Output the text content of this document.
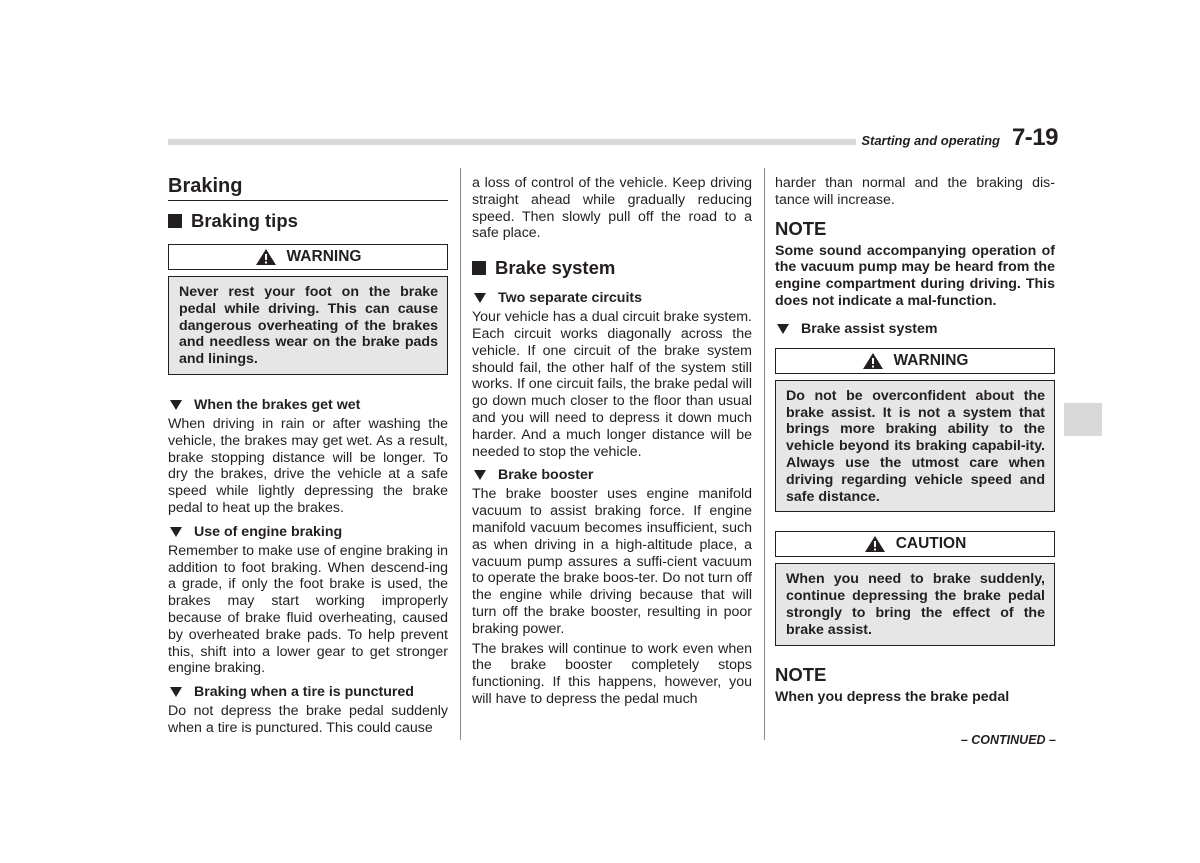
Starting and operating 7-19
Braking
Braking tips
WARNING

Never rest your foot on the brake pedal while driving. This can cause dangerous overheating of the brakes and needless wear on the brake pads and linings.

When the brakes get wet

When driving in rain or after washing the vehicle, the brakes may get wet. As a result, brake stopping distance will be longer. To dry the brakes, drive the vehicle at a safe speed while lightly depressing the brake pedal to heat up the brakes.

Use of engine braking

Remember to make use of engine braking in addition to foot braking. When descend-ing a grade, if only the foot brake is used, the brakes may start working improperly because of brake fluid overheating, caused by overheated brake pads. To help prevent this, shift into a lower gear to get stronger engine braking.

Braking when a tire is punctured

Do not depress the brake pedal suddenly when a tire is punctured. This could cause

a loss of control of the vehicle. Keep driving straight ahead while gradually reducing speed. Then slowly pull off the road to a safe place.

Brake system
Two separate circuits

Your vehicle has a dual circuit brake system. Each circuit works diagonally across the vehicle. If one circuit of the brake system should fail, the other half of the system still works. If one circuit fails, the brake pedal will go down much closer to the floor than usual and you will need to depress it down much harder. And a much longer distance will be needed to stop the vehicle.

Brake booster

The brake booster uses engine manifold vacuum to assist braking force. If engine manifold vacuum becomes insufficient, such as when driving in a high-altitude place, a vacuum pump assures a suffi-cient vacuum to operate the brake boos-ter. Do not turn off the engine while driving because that will turn off the brake booster, resulting in poor braking power.

The brakes will continue to work even when the brake booster completely stops functioning. If this happens, however, you will have to depress the pedal much

harder than normal and the braking dis-tance will increase.

NOTE

Some sound accompanying operation of the vacuum pump may be heard from the engine compartment during driving. This does not indicate a mal-function.

Brake assist system
WARNING

Do not be overconfident about the brake assist. It is not a system that brings more braking ability to the vehicle beyond its braking capabil-ity. Always use the utmost care when driving regarding vehicle speed and safe distance.

CAUTION

When you need to brake suddenly, continue depressing the brake pedal strongly to bring the effect of the brake assist.

NOTE

When you depress the brake pedal

– CONTINUED –
